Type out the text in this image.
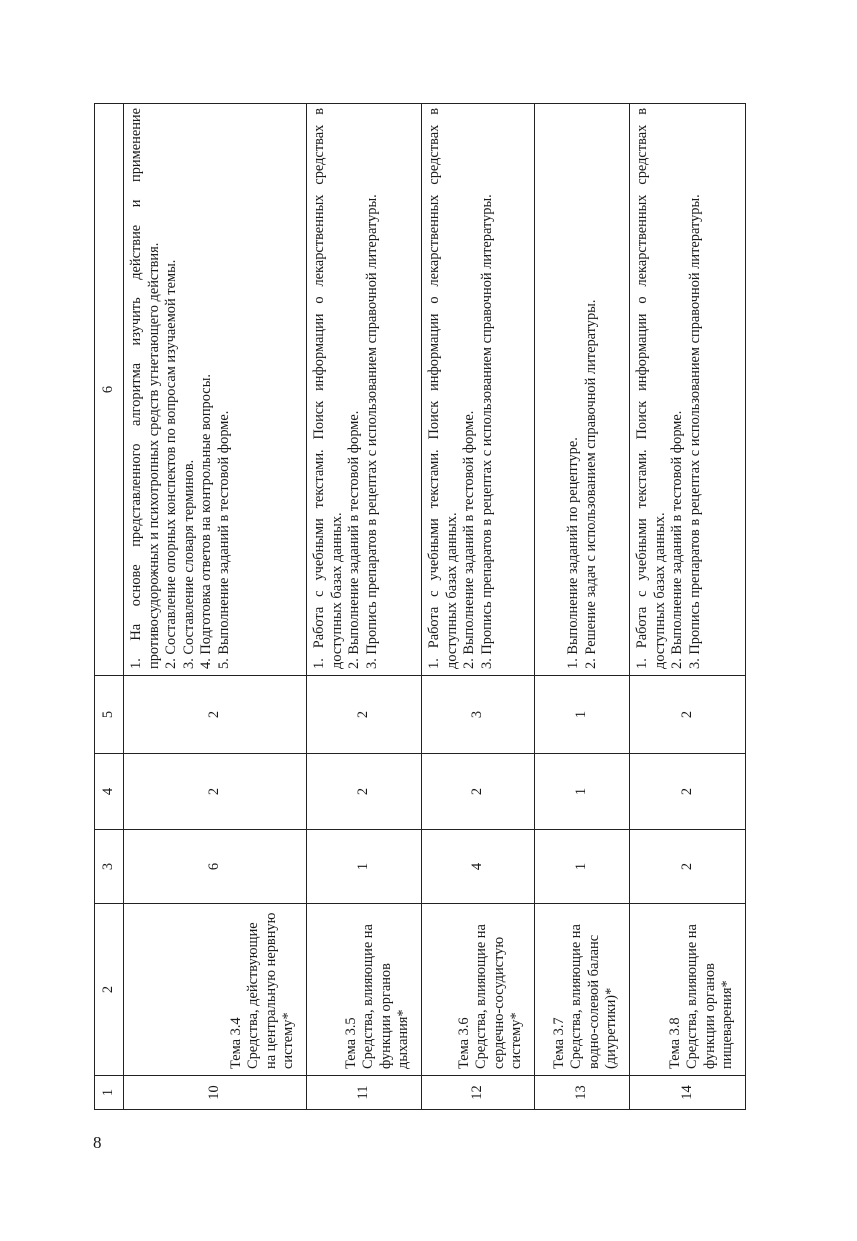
1	2	3	4	5	6
10	Тема 3.4 Средства, действующие на центральную нервную систему*	6	2	2	1. На основе представленного алгоритма изучить действие и применение противосудорожных и психотропных средств угнетающего действия. 2. Составление опорных конспектов по вопросам изучаемой темы. 3. Составление словаря терминов. 4. Подготовка ответов на контрольные вопросы. 5. Выполнение заданий в тестовой форме.

11	Тема 3.5 Средства, влияющие на функции органов дыхания*	1	2	2	1. Работа с учебными текстами. Поиск информации о лекарственных средствах в доступных базах данных. 2. Выполнение заданий в тестовой форме. 3. Пропись препаратов в рецептах с использованием справочной литературы.

12	Тема 3.6 Средства, влияющие на сердечно-сосудистую систему*	4	2	3	1. Работа с учебными текстами. Поиск информации о лекарственных средствах в доступных базах данных. 2. Выполнение заданий в тестовой форме. 3. Пропись препаратов в рецептах с использованием справочной литературы.

13	Тема 3.7 Средства, влияющие на водно-солевой баланс (диуретики)*	1	1	1	1. Выполнение заданий по рецептуре. 2. Решение задач с использованием справочной литературы.

14	Тема 3.8 Средства, влияющие на функции органов пищеварения*	2	2	2	1. Работа с учебными текстами. Поиск информации о лекарственных средствах в доступных базах данных. 2. Выполнение заданий в тестовой форме. 3. Пропись препаратов в рецептах с использованием справочной литературы.
8
